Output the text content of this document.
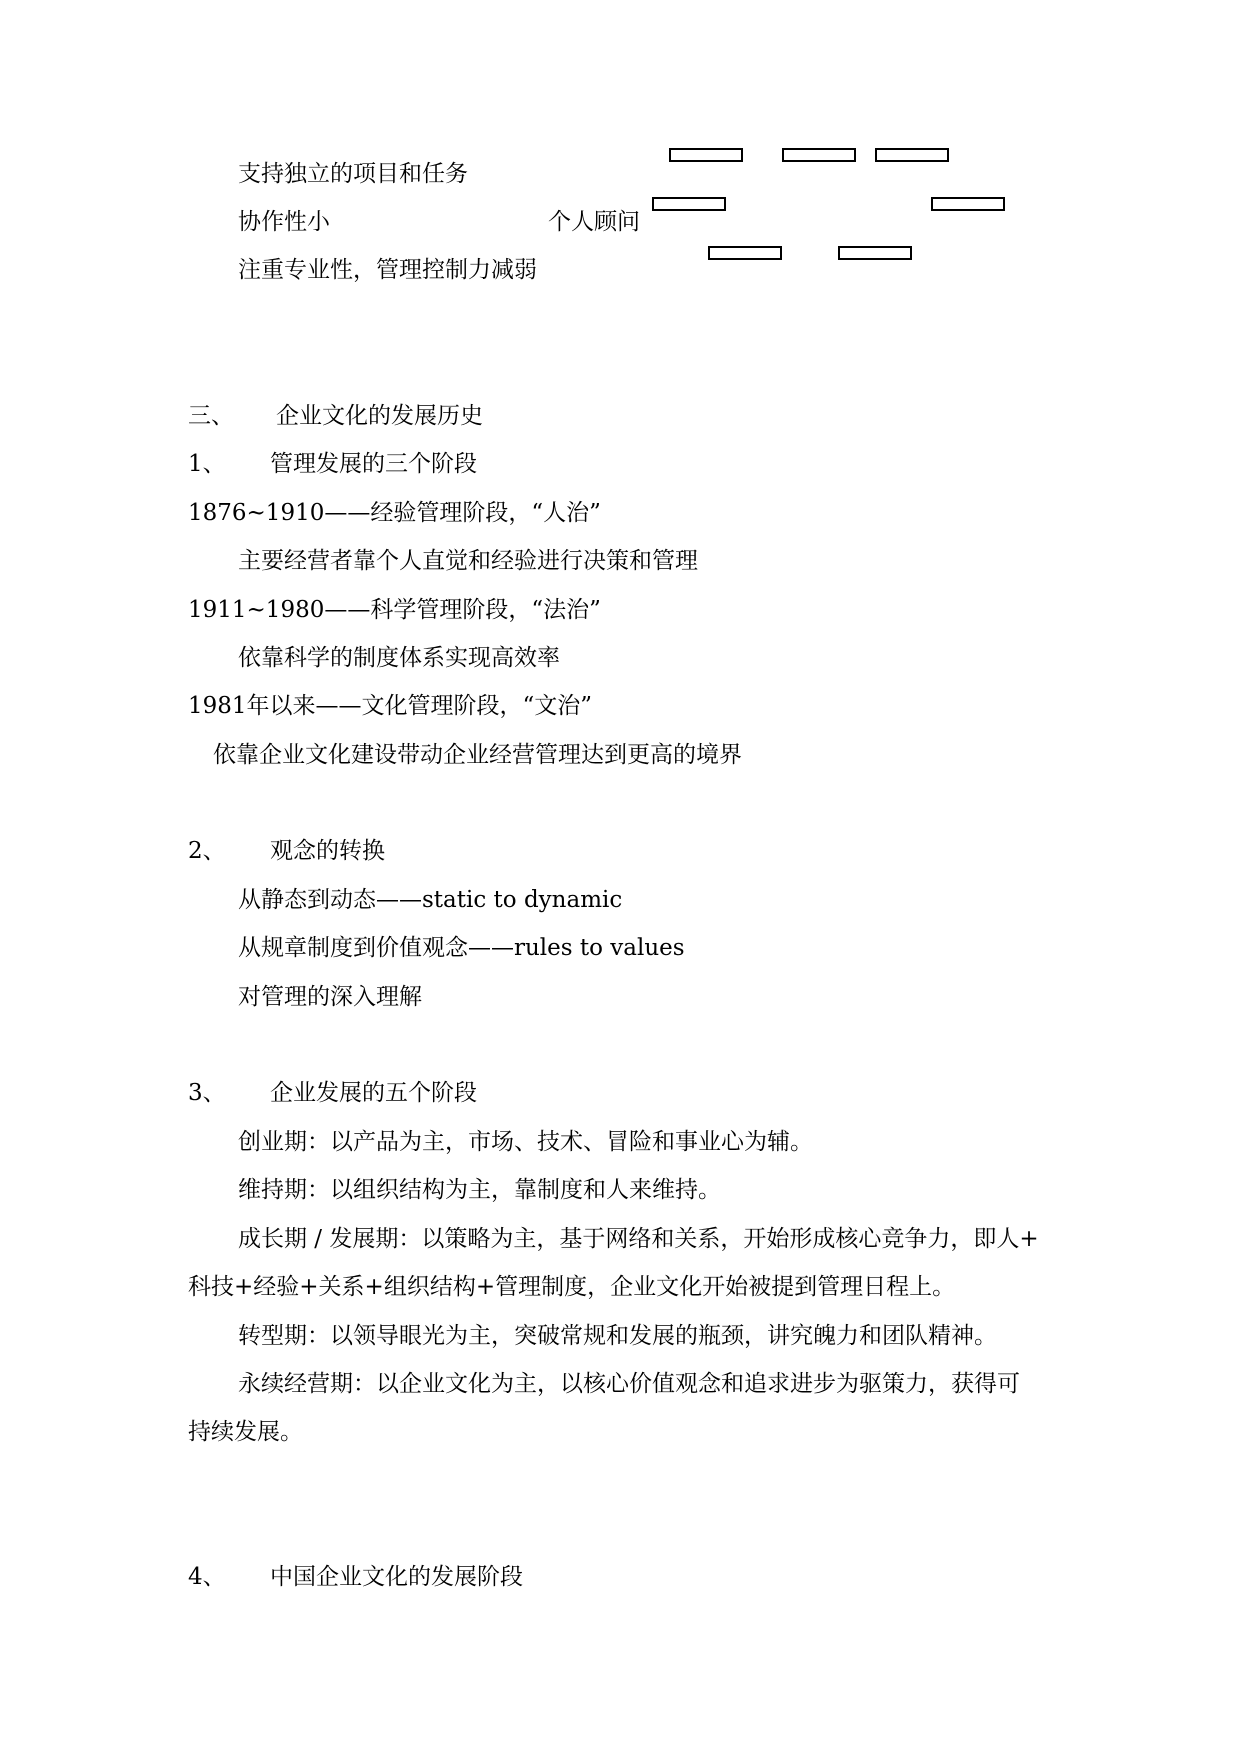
支持独立的项目和任务

协作性小	个人顾问

注重专业性，管理控制力减弱

三、 企业文化的发展历史

1、 管理发展的三个阶段

1876~1910——经验管理阶段，“人治”

主要经营者靠个人直觉和经验进行决策和管理

1911~1980——科学管理阶段，“法治”

依靠科学的制度体系实现高效率

1981年以来——文化管理阶段，“文治”

依靠企业文化建设带动企业经营管理达到更高的境界

2、 观念的转换

从静态到动态——static to dynamic

从规章制度到价值观念——rules to values

对管理的深入理解

3、 企业发展的五个阶段

创业期：以产品为主，市场、技术、冒险和事业心为辅。

维持期：以组织结构为主，靠制度和人来维持。

成长期 / 发展期：以策略为主，基于网络和关系，开始形成核心竞争力，即人+

科技+经验+关系+组织结构+管理制度，企业文化开始被提到管理日程上。

转型期：以领导眼光为主，突破常规和发展的瓶颈，讲究魄力和团队精神。

永续经营期：以企业文化为主，以核心价值观念和追求进步为驱策力，获得可

持续发展。

4、 中国企业文化的发展阶段
